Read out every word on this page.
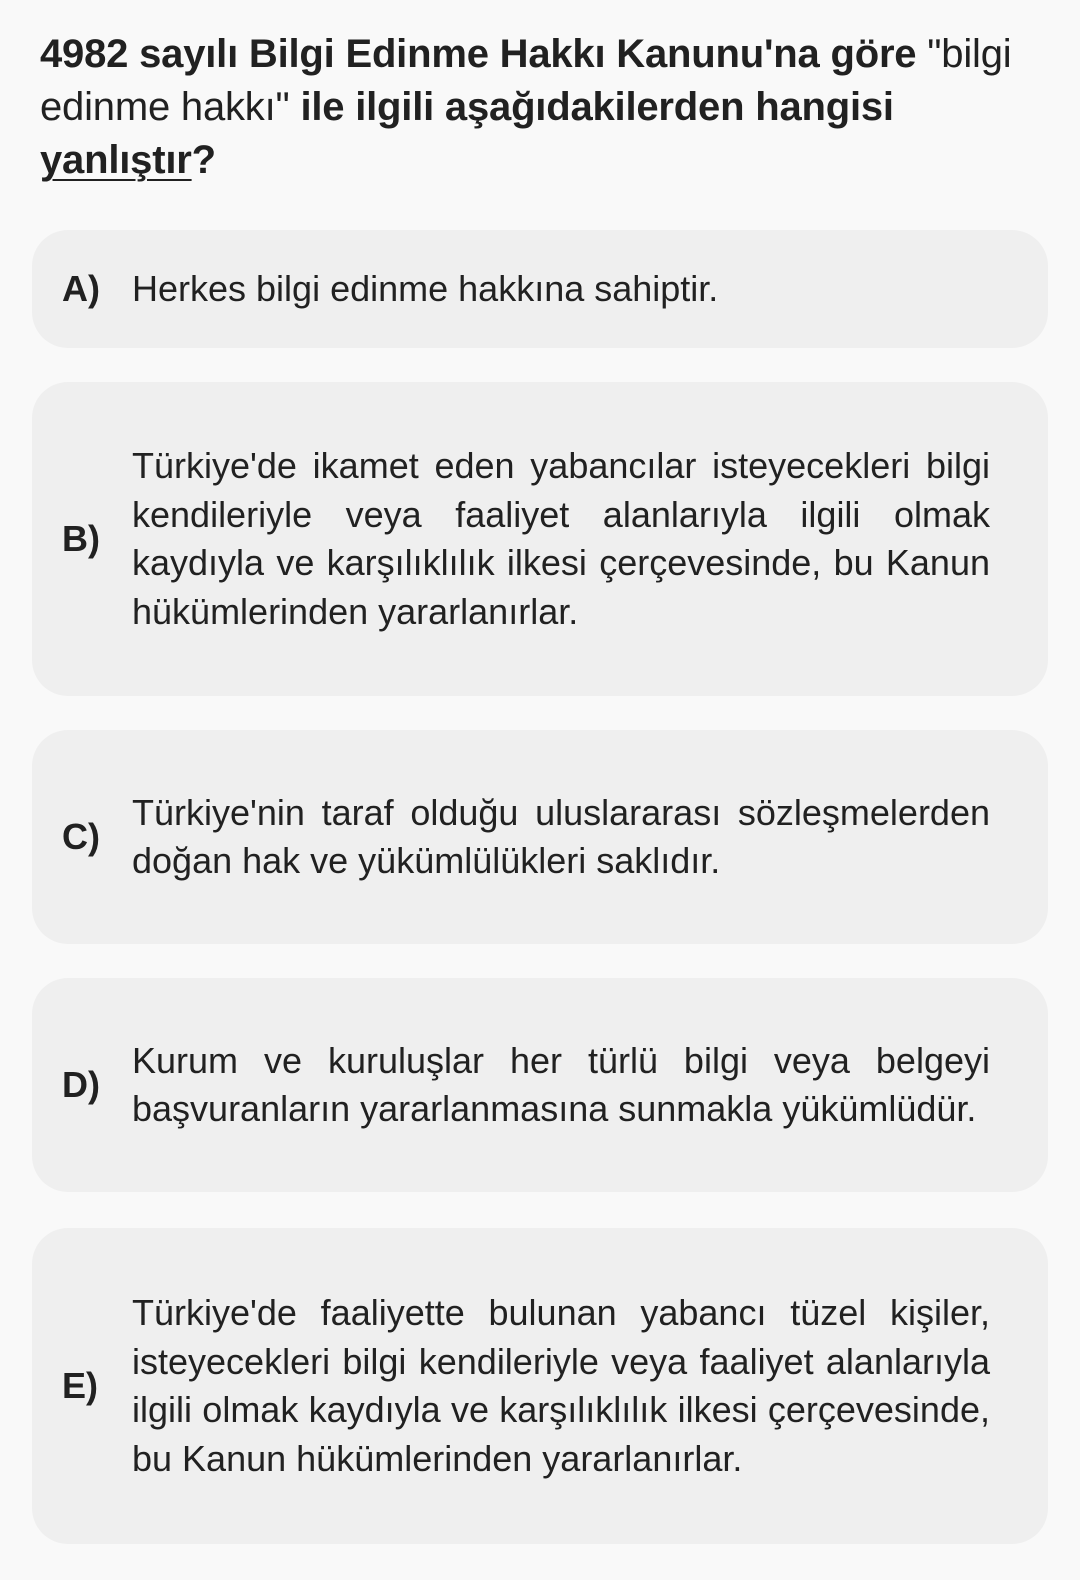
4982 sayılı Bilgi Edinme Hakkı Kanunu'na göre "bilgi edinme hakkı" ile ilgili aşağıdakilerden hangisi yanlıştır?
A) Herkes bilgi edinme hakkına sahiptir.
B)
Türkiye'de ikamet eden yabancılar isteyecekleri bilgi kendileriyle veya faaliyet alanlarıyla ilgili olmak kaydıyla ve karşılıklılık ilkesi çerçevesinde, bu Kanun hükümlerinden yararlanırlar.
C)
Türkiye'nin taraf olduğu uluslararası sözleşmelerden doğan hak ve yükümlülükleri saklıdır.
D)
Kurum ve kuruluşlar her türlü bilgi veya belgeyi başvuranların yararlanmasına sunmakla yükümlüdür.
E)
Türkiye'de faaliyette bulunan yabancı tüzel kişiler, isteyecekleri bilgi kendileriyle veya faaliyet alanlarıyla ilgili olmak kaydıyla ve karşılıklılık ilkesi çerçevesinde, bu Kanun hükümlerinden yararlanırlar.
